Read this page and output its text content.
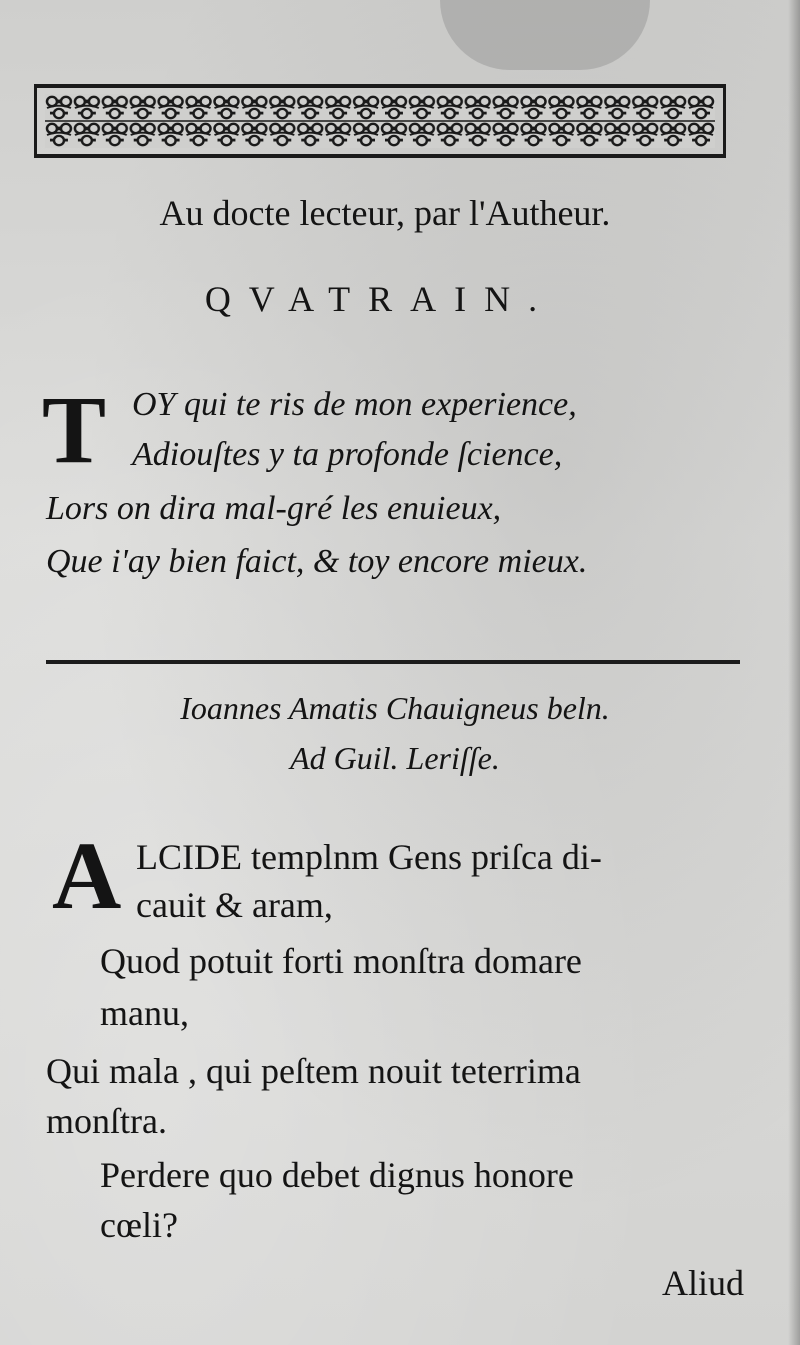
Au docte lecteur, par l'Autheur.
QVATRAIN.
T OY qui te ris de mon experience,
Adiouſtes y ta profonde ſcience,
Lors on dira mal-gré les enuieux,
Que i'ay bien faict, & toy encore mieux.
Ioannes Amatis Chauigneus beln.
Ad Guil. Leriſſe.
A LCIDE templnm Gens priſca di-
cauit & aram,
Quod potuit forti monſtra domare
manu,
Qui mala , qui peſtem nouit teterrima
monſtra.
Perdere quo debet dignus honore
cœli?
Aliud
